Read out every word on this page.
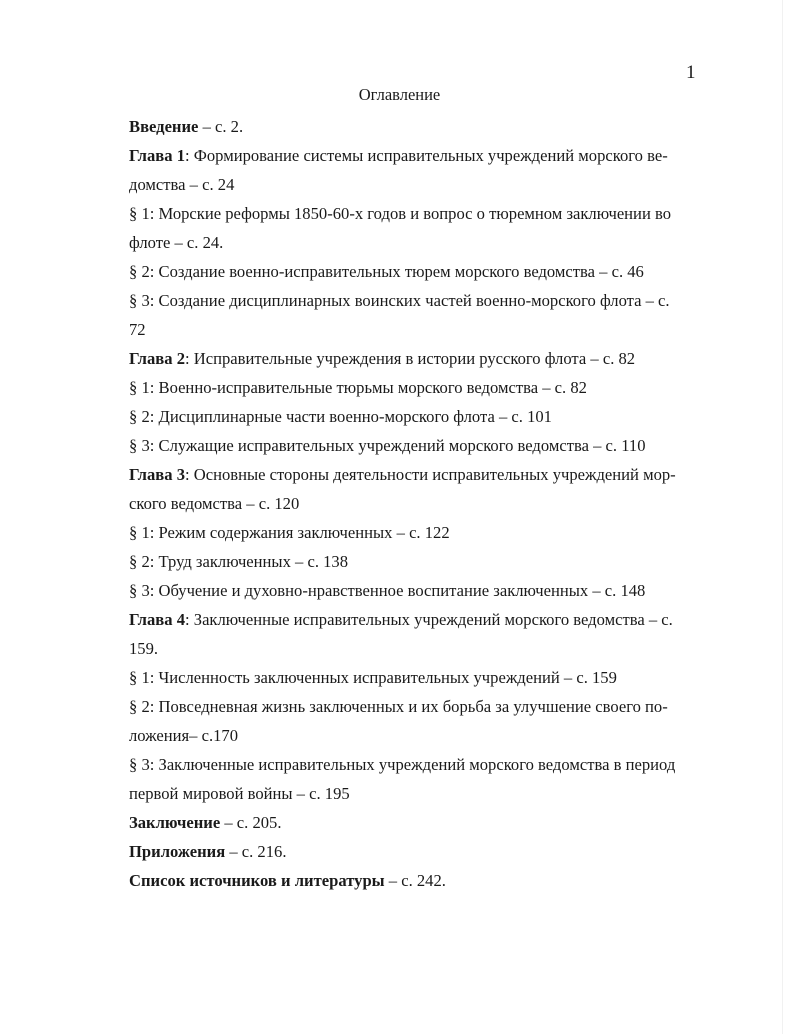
1
Оглавление
Введение – с. 2.
Глава 1: Формирование системы исправительных учреждений морского ве-
домства – с. 24
§ 1: Морские реформы 1850-60-х годов и вопрос о тюремном заключении во
флоте – с. 24.
§ 2: Создание военно-исправительных тюрем морского ведомства – с. 46
§ 3: Создание дисциплинарных воинских частей военно-морского флота – с.
72
Глава 2: Исправительные учреждения в истории русского флота – с. 82
§ 1: Военно-исправительные тюрьмы морского ведомства – с. 82
§ 2: Дисциплинарные части военно-морского флота – с. 101
§ 3: Служащие исправительных учреждений морского ведомства – с. 110
Глава 3: Основные стороны деятельности исправительных учреждений мор-
ского ведомства – с. 120
§ 1: Режим содержания заключенных – с. 122
§ 2: Труд заключенных – с. 138
§ 3: Обучение и духовно-нравственное воспитание заключенных – с. 148
Глава 4: Заключенные исправительных учреждений морского ведомства – с.
159.
§ 1: Численность заключенных исправительных учреждений – с. 159
§ 2: Повседневная жизнь заключенных и их борьба за улучшение своего по-
ложения– с.170
§ 3: Заключенные исправительных учреждений морского ведомства в период
первой мировой войны – с. 195
Заключение – с. 205.
Приложения – с. 216.
Список источников и литературы – с. 242.
